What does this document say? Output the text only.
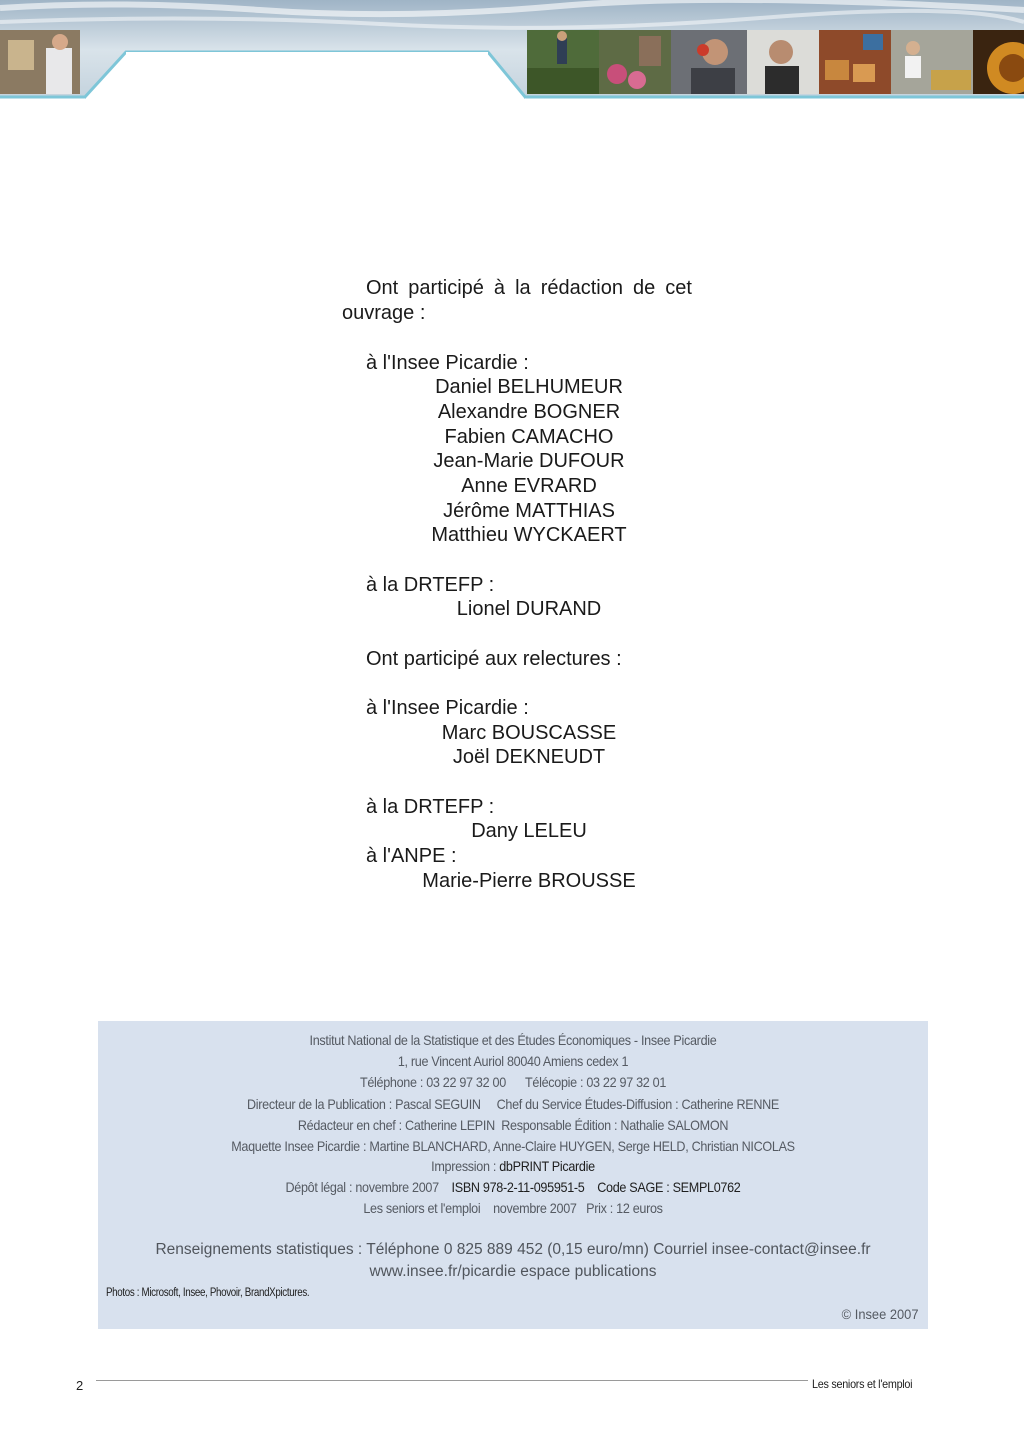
Ont participé à la rédaction de cet
ouvrage :
à l'Insee Picardie :
Daniel BELHUMEUR
Alexandre BOGNER
Fabien CAMACHO
Jean-Marie DUFOUR
Anne EVRARD
Jérôme MATTHIAS
Matthieu WYCKAERT
à la DRTEFP :
Lionel DURAND
Ont participé aux relectures :
à l'Insee Picardie :
Marc BOUSCASSE
Joël DEKNEUDT
à la DRTEFP :
Dany LELEU
à l'ANPE :
Marie-Pierre BROUSSE
Institut National de la Statistique et des Études Économiques - Insee Picardie
1, rue Vincent Auriol 80040 Amiens cedex 1
Téléphone : 03 22 97 32 00 Télécopie : 03 22 97 32 01
Directeur de la Publication : Pascal SEGUIN Chef du Service Études-Diffusion : Catherine RENNE
Rédacteur en chef : Catherine LEPIN Responsable Édition : Nathalie SALOMON
Maquette Insee Picardie : Martine BLANCHARD, Anne-Claire HUYGEN, Serge HELD, Christian NICOLAS
Impression : dbPRINT Picardie
Dépôt légal : novembre 2007 ISBN 978-2-11-095951-5 Code SAGE : SEMPL0762
Les seniors et l'emploi novembre 2007 Prix : 12 euros
Renseignements statistiques : Téléphone 0 825 889 452 (0,15 euro/mn) Courriel insee-contact@insee.fr
www.insee.fr/picardie espace publications
Photos : Microsoft, Insee, Phovoir, BrandXpictures.
© Insee 2007
2	Les seniors et l'emploi
